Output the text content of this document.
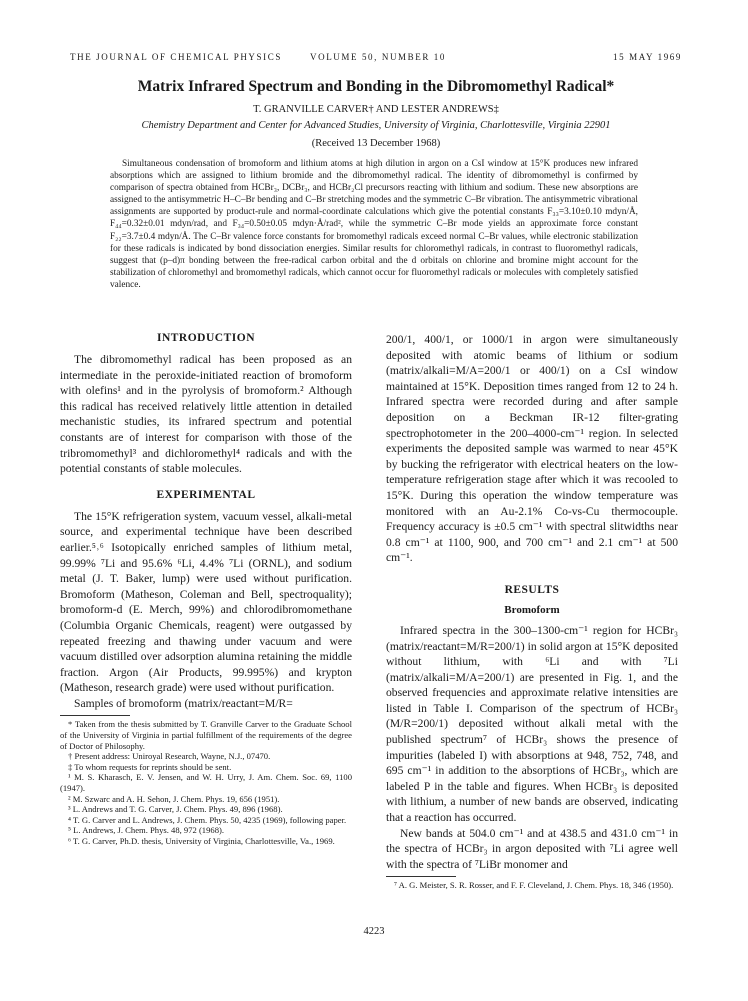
THE JOURNAL OF CHEMICAL PHYSICS	VOLUME 50, NUMBER 10	15 MAY 1969
Matrix Infrared Spectrum and Bonding in the Dibromomethyl Radical*
T. GRANVILLE CARVER† AND LESTER ANDREWS‡
Chemistry Department and Center for Advanced Studies, University of Virginia, Charlottesville, Virginia 22901
(Received 13 December 1968)

Simultaneous condensation of bromoform and lithium atoms at high dilution in argon on a CsI window at 15°K produces new infrared absorptions which are assigned to lithium bromide and the dibromomethyl radical. The identity of dibromomethyl is confirmed by comparison of spectra obtained from HCBr₃, DCBr₃, and HCBr₂Cl precursors reacting with lithium and sodium. These new absorptions are assigned to the antisymmetric H–C–Br bending and C–Br stretching modes and the symmetric C–Br vibration. The antisymmetric vibrational assignments are supported by product-rule and normal-coordinate calculations which give the potential constants F₃₃=3.10±0.10 mdyn/Å, F₄₄=0.32±0.01 mdyn/rad, and F₃₄=0.50±0.05 mdyn·Å/rad², while the symmetric C–Br mode yields an approximate force constant F₂₂=3.7±0.4 mdyn/Å. The C–Br valence force constants for bromomethyl radicals exceed normal C–Br values, while electronic stabilization for these radicals is indicated by bond dissociation energies. Similar results for chloromethyl radicals, in contrast to fluoromethyl radicals, suggest that (p–d)π bonding between the free-radical carbon orbital and the d orbitals on chlorine and bromine might account for the stabilization of chloromethyl and bromomethyl radicals, which cannot occur for fluoromethyl radicals or molecules with completely satisfied valence.

INTRODUCTION

The dibromomethyl radical has been proposed as an intermediate in the peroxide-initiated reaction of bromoform with olefins¹ and in the pyrolysis of bromoform.² Although this radical has received relatively little attention in detailed mechanistic studies, its infrared spectrum and potential constants are of interest for comparison with those of the tribromomethyl³ and dichloromethyl⁴ radicals and with the potential constants of stable molecules.

EXPERIMENTAL

The 15°K refrigeration system, vacuum vessel, alkali-metal source, and experimental technique have been described earlier.⁵˒⁶ Isotopically enriched samples of lithium metal, 99.99% ⁷Li and 95.6% ⁶Li, 4.4% ⁷Li (ORNL), and sodium metal (J. T. Baker, lump) were used without purification. Bromoform (Matheson, Coleman and Bell, spectroquality); bromoform-d (E. Merch, 99%) and chlorodibromomethane (Columbia Organic Chemicals, reagent) were outgassed by repeated freezing and thawing under vacuum and were vacuum distilled over adsorption alumina retaining the middle fraction. Argon (Air Products, 99.995%) and krypton (Matheson, research grade) were used without purification.

Samples of bromoform (matrix/reactant=M/R=

* Taken from the thesis submitted by T. Granville Carver to the Graduate School of the University of Virginia in partial fulfillment of the requirements of the degree of Doctor of Philosophy.

† Present address: Uniroyal Research, Wayne, N.J., 07470.

‡ To whom requests for reprints should be sent.

¹ M. S. Kharasch, E. V. Jensen, and W. H. Urry, J. Am. Chem. Soc. 69, 1100 (1947).

² M. Szwarc and A. H. Sehon, J. Chem. Phys. 19, 656 (1951).

³ L. Andrews and T. G. Carver, J. Chem. Phys. 49, 896 (1968).

⁴ T. G. Carver and L. Andrews, J. Chem. Phys. 50, 4235 (1969), following paper.

⁵ L. Andrews, J. Chem. Phys. 48, 972 (1968).

⁶ T. G. Carver, Ph.D. thesis, University of Virginia, Charlottesville, Va., 1969.

200/1, 400/1, or 1000/1 in argon were simultaneously deposited with atomic beams of lithium or sodium (matrix/alkali=M/A=200/1 or 400/1) on a CsI window maintained at 15°K. Deposition times ranged from 12 to 24 h. Infrared spectra were recorded during and after sample deposition on a Beckman IR-12 filter-grating spectrophotometer in the 200–4000-cm⁻¹ region. In selected experiments the deposited sample was warmed to near 45°K by bucking the refrigerator with electrical heaters on the low-temperature refrigeration stage after which it was recooled to 15°K. During this operation the window temperature was monitored with an Au-2.1% Co-vs-Cu thermocouple. Frequency accuracy is ±0.5 cm⁻¹ with spectral slitwidths near 0.8 cm⁻¹ at 1100, 900, and 700 cm⁻¹ and 2.1 cm⁻¹ at 500 cm⁻¹.

RESULTS
Bromoform

Infrared spectra in the 300–1300-cm⁻¹ region for HCBr₃ (matrix/reactant=M/R=200/1) in solid argon at 15°K deposited without lithium, with ⁶Li and with ⁷Li (matrix/alkali=M/A=200/1) are presented in Fig. 1, and the observed frequencies and approximate relative intensities are listed in Table I. Comparison of the spectrum of HCBr₃ (M/R=200/1) deposited without alkali metal with the published spectrum⁷ of HCBr₃ shows the presence of impurities (labeled I) with absorptions at 948, 752, 748, and 695 cm⁻¹ in addition to the absorptions of HCBr₃, which are labeled P in the table and figures. When HCBr₃ is deposited with lithium, a number of new bands are observed, indicating that a reaction has occurred.

New bands at 504.0 cm⁻¹ and at 438.5 and 431.0 cm⁻¹ in the spectra of HCBr₃ in argon deposited with ⁷Li agree well with the spectra of ⁷LiBr monomer and

⁷ A. G. Meister, S. R. Rosser, and F. F. Cleveland, J. Chem. Phys. 18, 346 (1950).

4223
